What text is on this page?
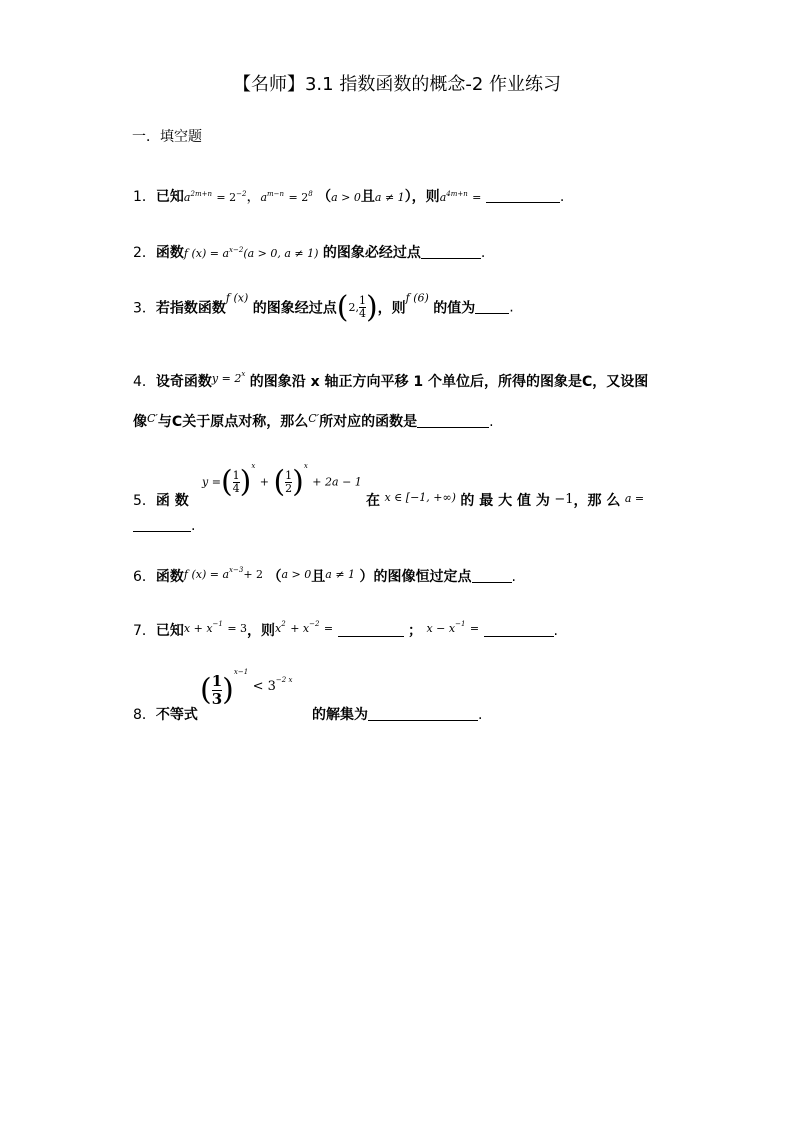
【名师】3.1 指数函数的概念-2 作业练习
一．填空题
1．已知$a^{2m+n} = 2^{-2}$，$a^{m-n} = 2^8$ （a > 0且a ≠ 1），则$a^{4m+n}$ =	.
2．函数f $(x) = a^{x-2}(a > 0$, a ≠ 1) 的图象必经过点	.
3．若指数函数$^{f (x)}$ 的图象经过点(2, $\frac{1}{4}$ )，则$^{f (6)}$ 的值为 .
4．设奇函数$^{y = 2x}$ 的图象沿 x 轴正方向平移 1 个单位后，所得的图象是C，又设图
像$^{C'}$与C关于原点对称，那么$^{C'}$所对应的函数是	.
y =( $\frac{1}{4} )^x$ + ( $\frac{1}{2} )^x + 2a - 1$
5．函 数	在 $^{x \in [-1, +\infty)}$ 的 最 大 值 为 −1，那 么 $^{a =}$
.
6．函数$^{f (x) = ax-3+ 2}$ （$^{a > 0}$且$^{a \ne 1}$ ）的图像恒过定点	.
7．已知$^{x + x-1}$ $^{= 3}$，则$^{x2}$ $^{+ x-2}$ =	； $^{x - x-1}$ =	.
( $\frac{1}{3} )^{x-1} < 3^{-2 x}$
8．不等式	的解集为	.
